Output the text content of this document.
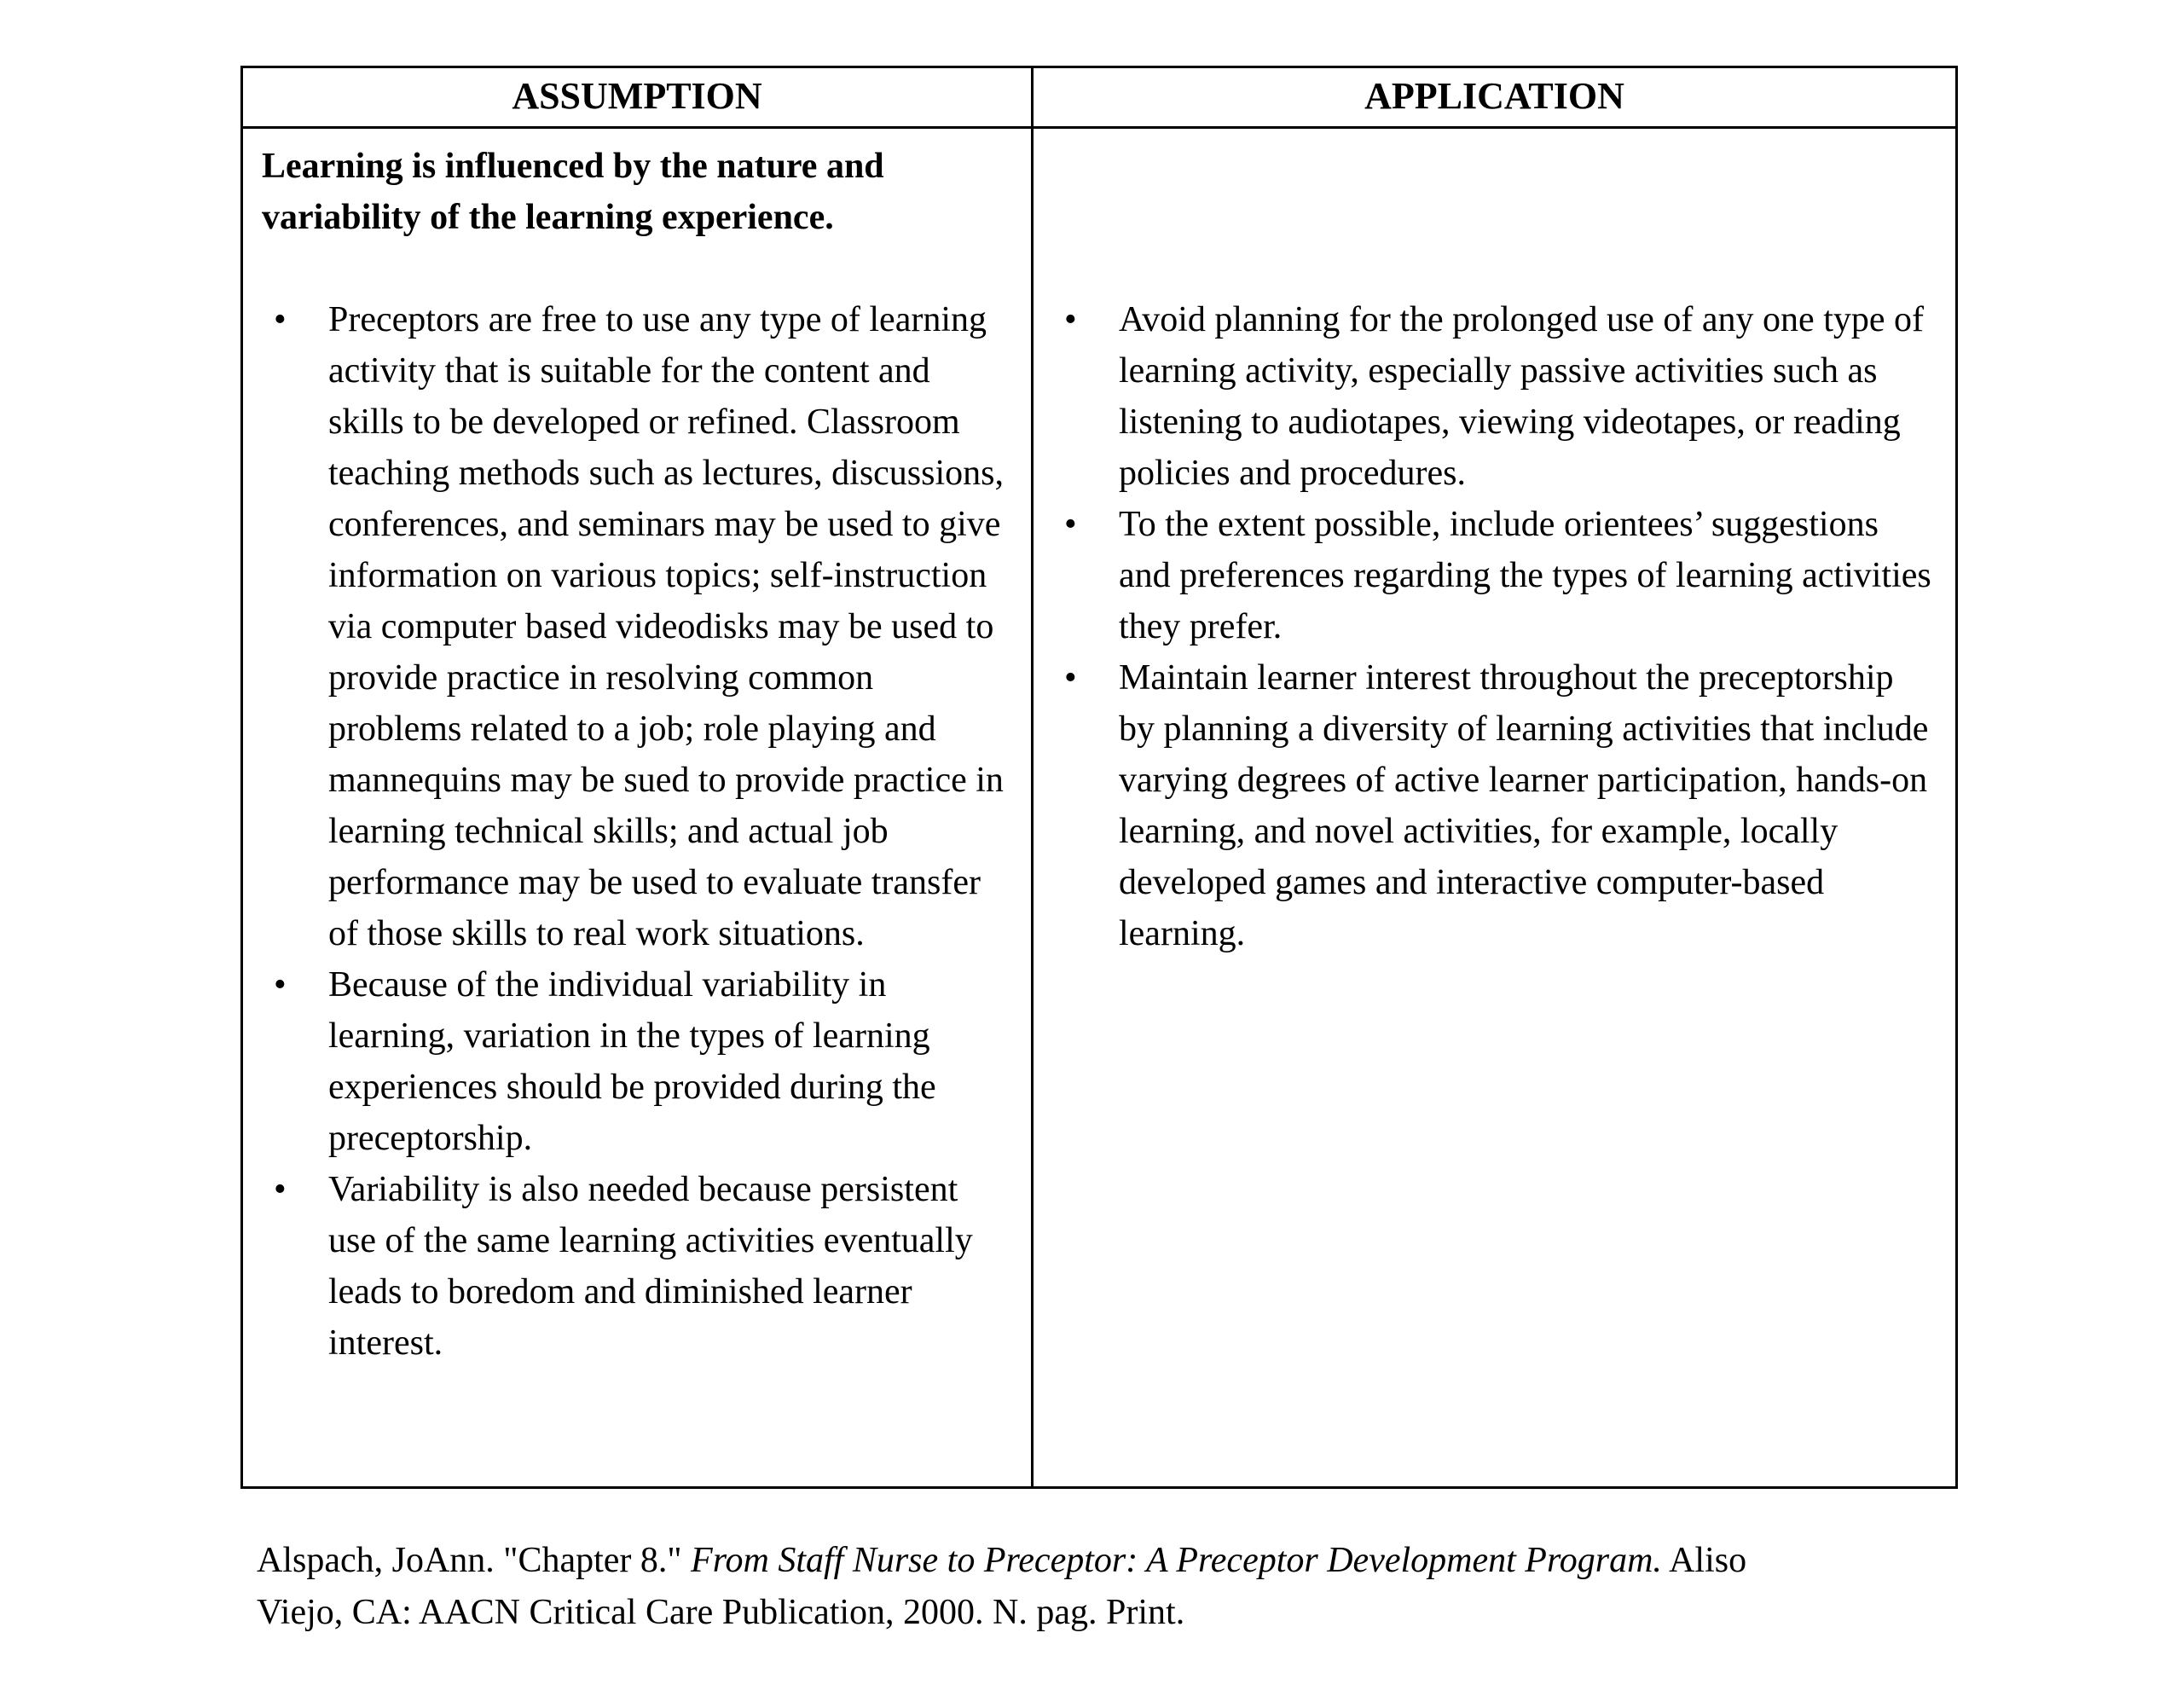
ASSUMPTION	APPLICATION

Learning is influenced by the nature and variability of the learning experience.

• Preceptors are free to use any type of learning activity that is suitable for the content and skills to be developed or refined. Classroom teaching methods such as lectures, discussions, conferences, and seminars may be used to give information on various topics; self-instruction via computer based videodisks may be used to provide practice in resolving common problems related to a job; role playing and mannequins may be sued to provide practice in learning technical skills; and actual job performance may be used to evaluate transfer of those skills to real work situations.
• Because of the individual variability in learning, variation in the types of learning experiences should be provided during the preceptorship.
• Variability is also needed because persistent use of the same learning activities eventually leads to boredom and diminished learner interest.
• Avoid planning for the prolonged use of any one type of learning activity, especially passive activities such as listening to audiotapes, viewing videotapes, or reading policies and procedures.
• To the extent possible, include orientees’ suggestions and preferences regarding the types of learning activities they prefer.
• Maintain learner interest throughout the preceptorship by planning a diversity of learning activities that include varying degrees of active learner participation, hands-on learning, and novel activities, for example, locally developed games and interactive computer-based learning.

Alspach, JoAnn. "Chapter 8." From Staff Nurse to Preceptor: A Preceptor Development Program. Aliso Viejo, CA: AACN Critical Care Publication, 2000. N. pag. Print.
